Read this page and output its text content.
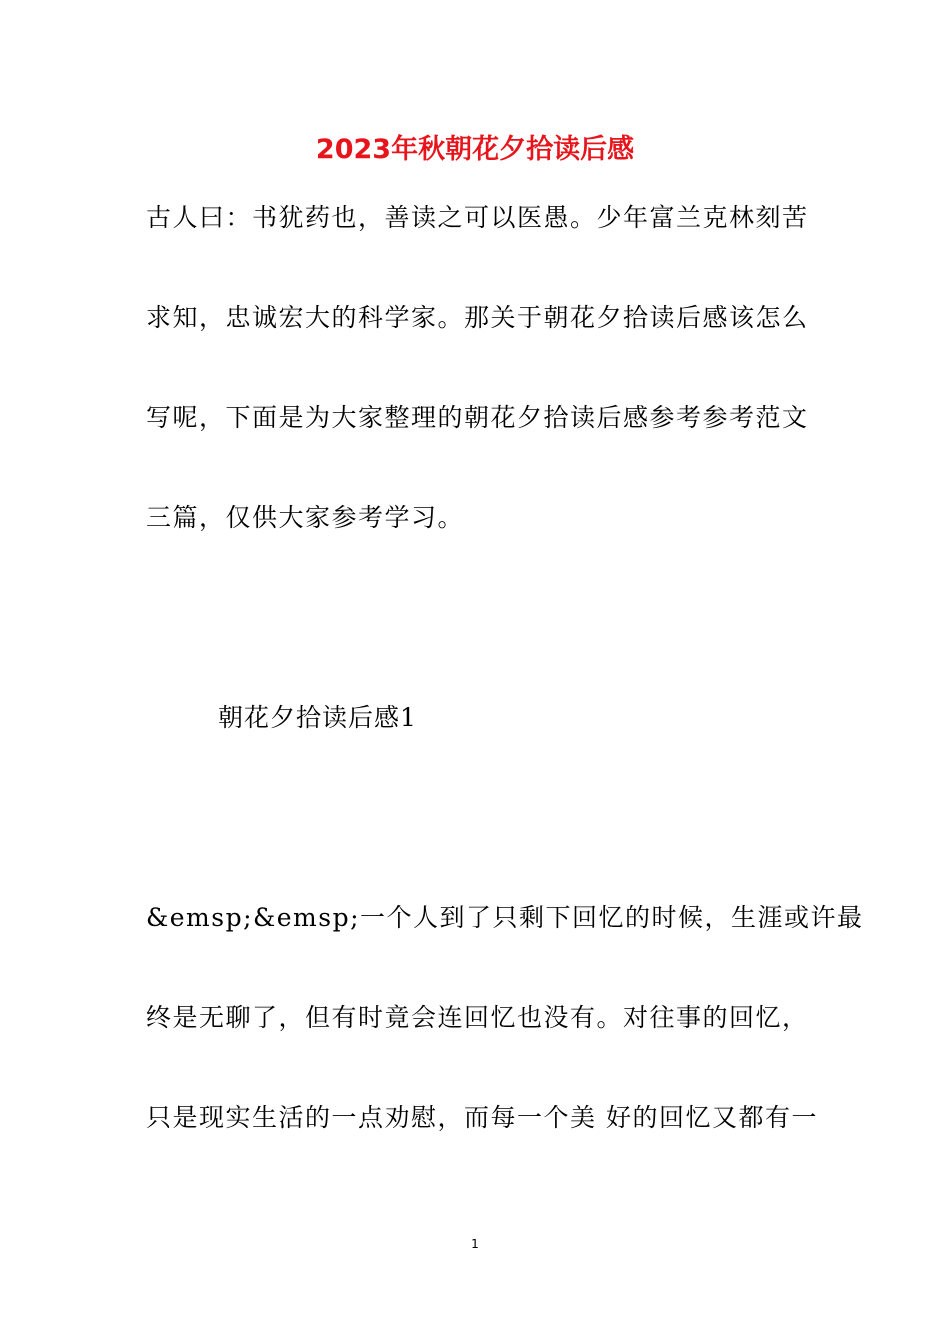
2023年秋朝花夕拾读后感
古人曰：书犹药也，善读之可以医愚。少年富兰克林刻苦
求知，忠诚宏大的科学家。那关于朝花夕拾读后感该怎么
写呢，下面是为大家整理的朝花夕拾读后感参考参考范文
三篇，仅供大家参考学习。
朝花夕拾读后感1
&emsp;&emsp;一个人到了只剩下回忆的时候，生涯或许最
终是无聊了，但有时竟会连回忆也没有。对往事的回忆，
只是现实生活的一点劝慰，而每一个美 好的回忆又都有一
1
